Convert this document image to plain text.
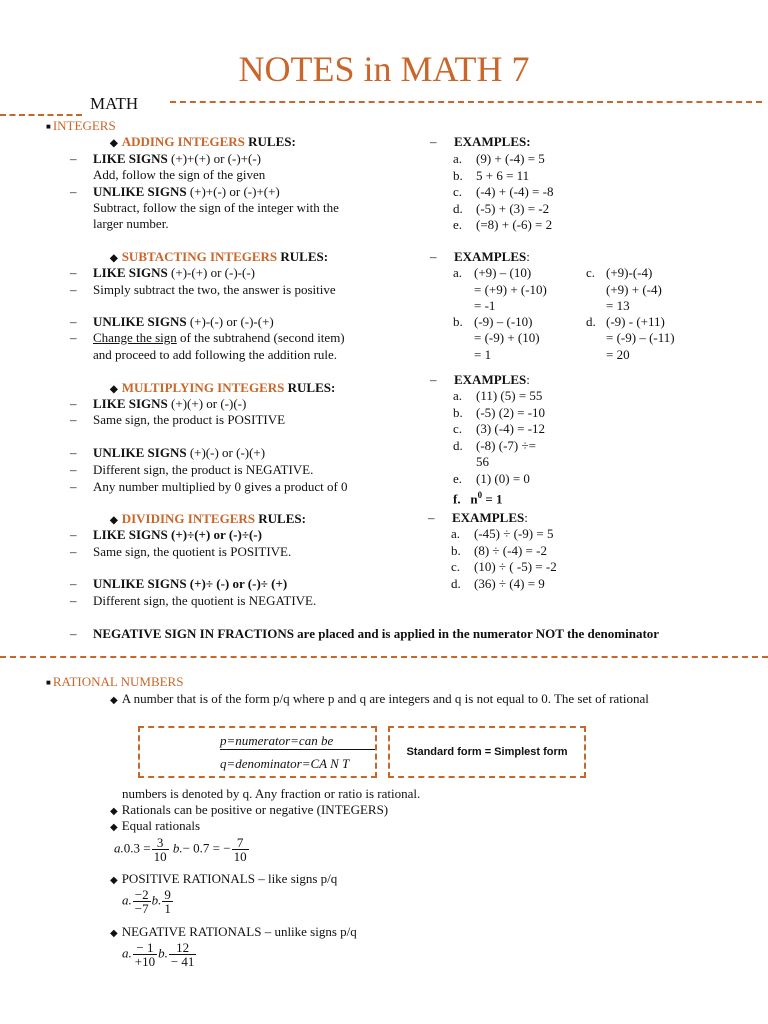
NOTES in MATH 7
MATH
■ INTEGERS
◆ ADDING INTEGERS RULES:
– LIKE SIGNS (+)+(+) or (-)+(-)
Add, follow the sign of the given
– UNLIKE SIGNS (+)+(-) or (-)+(+)
Subtract, follow the sign of the integer with the
larger number.
– EXAMPLES:
a. (9) + (-4) = 5
b. 5 + 6 = 11
c. (-4) + (-4) = -8
d. (-5) + (3) = -2
e. (=8) + (-6) = 2
◆ SUBTACTING INTEGERS RULES:
– LIKE SIGNS (+)-(+) or (-)-(-)
– Simply subtract the two, the answer is positive
– UNLIKE SIGNS (+)-(-) or (-)-(+)
– Change the sign of the subtrahend (second item)
and proceed to add following the addition rule.
– EXAMPLES:
a. (+9) – (10)
= (+9) + (-10)
= -1
b. (-9) – (-10)
= (-9) + (10)
= 1
c. (+9)-(-4)
(+9) + (-4)
= 13
d. (-9) - (+11)
= (-9) – (-11)
= 20
◆ MULTIPLYING INTEGERS RULES:
– LIKE SIGNS (+)(+) or (-)(-)
– Same sign, the product is POSITIVE
– UNLIKE SIGNS (+)(-) or (-)(+)
– Different sign, the product is NEGATIVE.
– Any number multiplied by 0 gives a product of 0
– EXAMPLES:
a. (11) (5) = 55
b. (-5) (2) = -10
c. (3) (-4) = -12
d. (-8) (-7) ÷=
56
e. (1) (0) = 0
f. $n^0 = 1$
◆ DIVIDING INTEGERS RULES:
– LIKE SIGNS (+)÷(+) or (-)÷(-)
– Same sign, the quotient is POSITIVE.
– UNLIKE SIGNS (+)÷ (-) or (-)÷ (+)
– Different sign, the quotient is NEGATIVE.
– EXAMPLES:
a. (-45) ÷ (-9) = 5
b. (8) ÷ (-4) = -2
c. (10) ÷ ( -5) = -2
d. (36) ÷ (4) = 9
– NEGATIVE SIGN IN FRACTIONS are placed and is applied in the numerator NOT the denominator
■ RATIONAL NUMBERS
◆ A number that is of the form p/q where p and q are integers and q is not equal to 0. The set of rational
p=numerator=can be
q=denominator=CA N T
Standard form = Simplest form
numbers is denoted by q. Any fraction or ratio is rational.
◆ Rationals can be positive or negative (INTEGERS)
◆ Equal rationals
$a.0.3 = \frac{3}{10} b.- 0.7$ = − $\frac{7}{10}$
◆ POSITIVE RATIONALS – like signs p/q
a. $\frac{-2}{-7} b$. $\frac{9}{1}$
◆ NEGATIVE RATIONALS – unlike signs p/q
a. $\frac{- 1}{+10} b$. $\frac{12}{- 41}$
